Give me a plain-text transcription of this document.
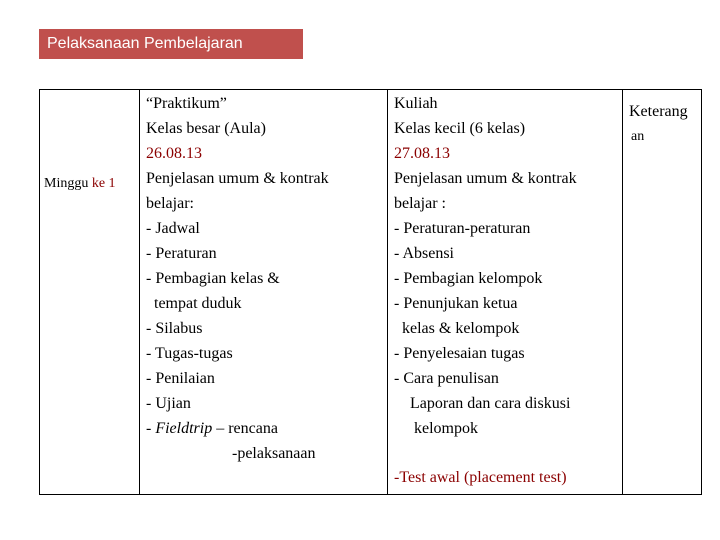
Pelaksanaan Pembelajaran
Minggu ke 1
“Praktikum”
Kelas besar (Aula)
26.08.13
Penjelasan umum & kontrak
belajar:
- Jadwal
- Peraturan
- Pembagian kelas &
tempat duduk
- Silabus
- Tugas-tugas
- Penilaian
- Ujian
- Fieldtrip – rencana
-pelaksanaan
Kuliah
Kelas kecil (6 kelas)
27.08.13
Penjelasan umum & kontrak
belajar :
- Peraturan-peraturan
- Absensi
- Pembagian kelompok
- Penunjukan ketua
kelas & kelompok
- Penyelesaian tugas
- Cara penulisan
Laporan dan cara diskusi
kelompok
-Test awal (placement test)
Keterang
an
